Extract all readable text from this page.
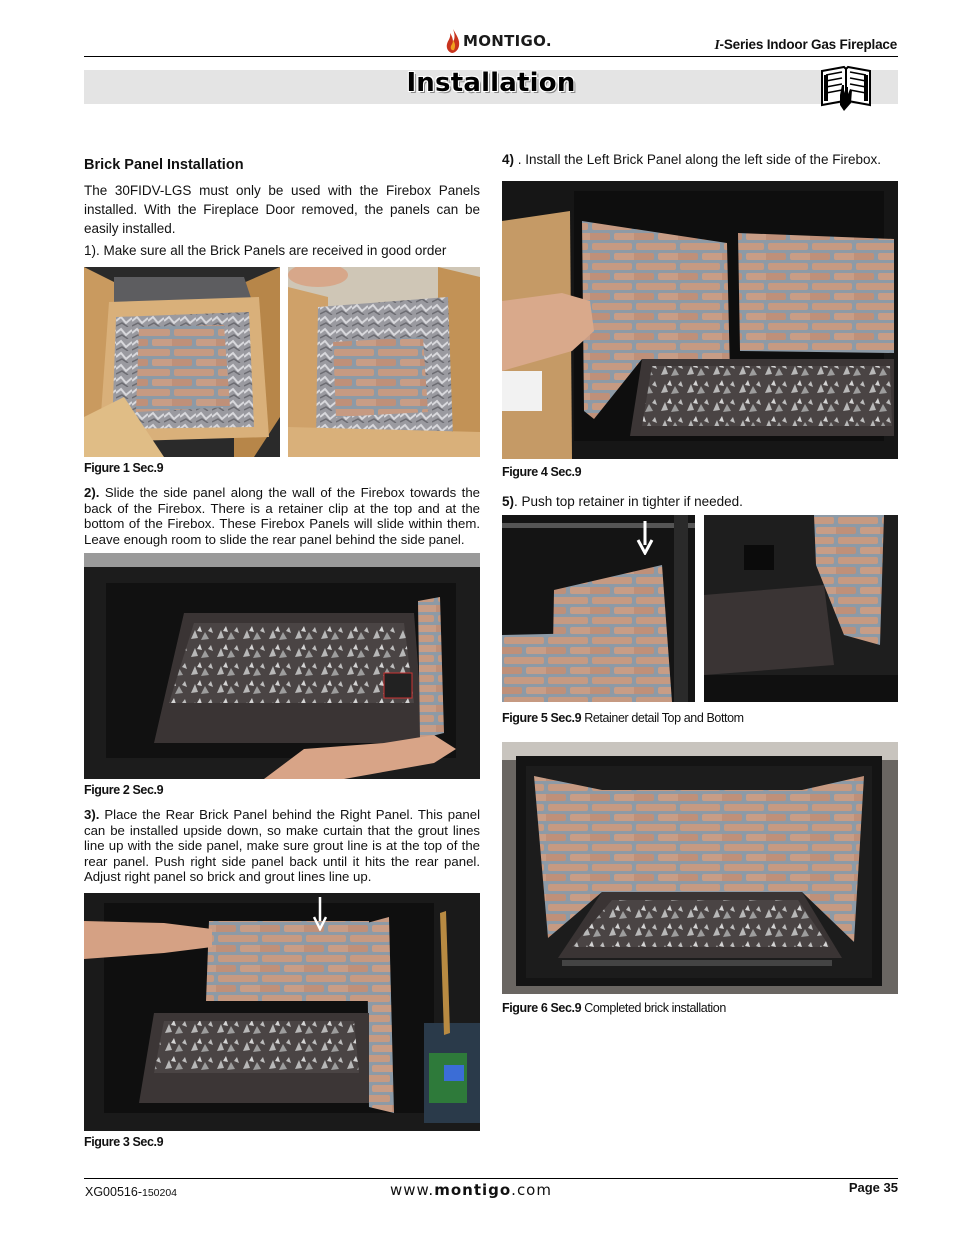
MONTIGO.	I-Series Indoor Gas Fireplace
Installation
Brick Panel Installation
The 30FIDV-LGS must only be used with the Firebox Panels installed. With the Fireplace Door removed, the panels can be easily installed.
1). Make sure all the Brick Panels are received in good order
Figure 1 Sec.9
2). Slide the side panel along the wall of the Firebox towards the back of the Firebox. There is a retainer clip at the top and at the bottom of the Firebox. These Firebox Panels will slide within them. Leave enough room to slide the rear panel behind the side panel.
Figure 2 Sec.9
3). Place the Rear Brick Panel behind the Right Panel. This panel can be installed upside down, so make curtain that the grout lines line up with the side panel, make sure grout line is at the top of the rear panel. Push right side panel back until it hits the rear panel. Adjust right panel so brick and grout lines line up.
Figure 3 Sec.9
4) . Install the Left Brick Panel along the left side of the Firebox.
Figure 4 Sec.9
5). Push top retainer in tighter if needed.
Figure 5 Sec.9 Retainer detail Top and Bottom
Figure 6 Sec.9 Completed brick installation
XG00516-150204	www.montigo.com	Page 35
